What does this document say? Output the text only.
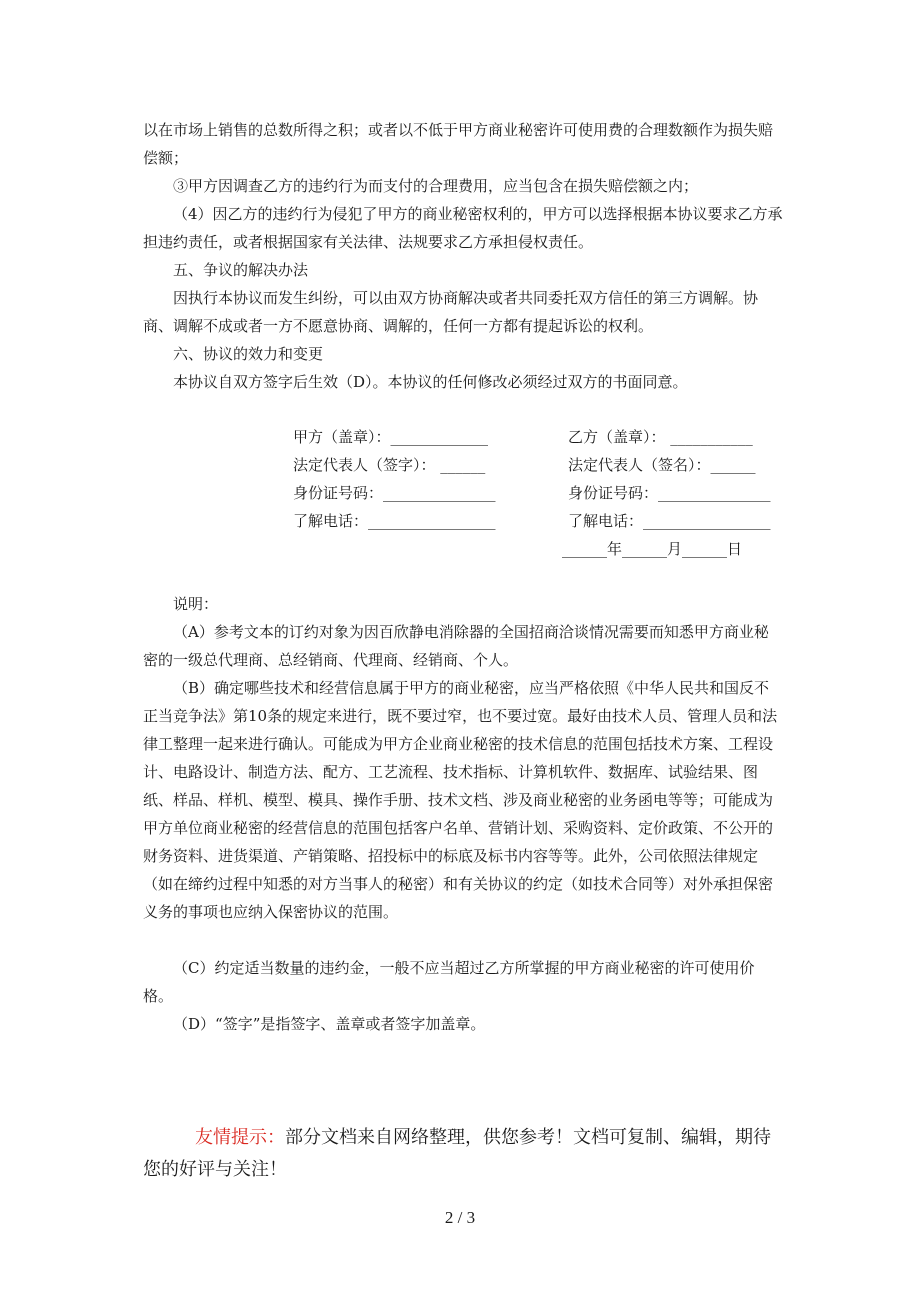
以在市场上销售的总数所得之积；或者以不低于甲方商业秘密许可使用费的合理数额作为损失赔偿额；

③甲方因调查乙方的违约行为而支付的合理费用，应当包含在损失赔偿额之内；

（4）因乙方的违约行为侵犯了甲方的商业秘密权利的，甲方可以选择根据本协议要求乙方承担违约责任，或者根据国家有关法律、法规要求乙方承担侵权责任。

五、争议的解决办法

因执行本协议而发生纠纷，可以由双方协商解决或者共同委托双方信任的第三方调解。协商、调解不成或者一方不愿意协商、调解的，任何一方都有提起诉讼的权利。

六、协议的效力和变更

本协议自双方签字后生效（D）。本协议的任何修改必须经过双方的书面同意。

甲方（盖章）：_____________
法定代表人（签字）： ______
身份证号码：_______________
了解电话：_________________
乙方（盖章）： ___________
法定代表人（签名）：______
身份证号码：_______________
了解电话：_________________
______年______月______日

说明：

（A）参考文本的订约对象为因百欣静电消除器的全国招商洽谈情况需要而知悉甲方商业秘密的一级总代理商、总经销商、代理商、经销商、个人。

（B）确定哪些技术和经营信息属于甲方的商业秘密，应当严格依照《中华人民共和国反不正当竞争法》第10条的规定来进行，既不要过窄，也不要过宽。最好由技术人员、管理人员和法律工整理一起来进行确认。可能成为甲方企业商业秘密的技术信息的范围包括技术方案、工程设计、电路设计、制造方法、配方、工艺流程、技术指标、计算机软件、数据库、试验结果、图纸、样品、样机、模型、模具、操作手册、技术文档、涉及商业秘密的业务函电等等；可能成为甲方单位商业秘密的经营信息的范围包括客户名单、营销计划、采购资料、定价政策、不公开的财务资料、进货渠道、产销策略、招投标中的标底及标书内容等等。此外，公司依照法律规定（如在缔约过程中知悉的对方当事人的秘密）和有关协议的约定（如技术合同等）对外承担保密义务的事项也应纳入保密协议的范围。

（C）约定适当数量的违约金，一般不应当超过乙方所掌握的甲方商业秘密的许可使用价格。

（D）“签字”是指签字、盖章或者签字加盖章。

友情提示：部分文档来自网络整理，供您参考！文档可复制、编辑，期待您的好评与关注！

2 / 3
